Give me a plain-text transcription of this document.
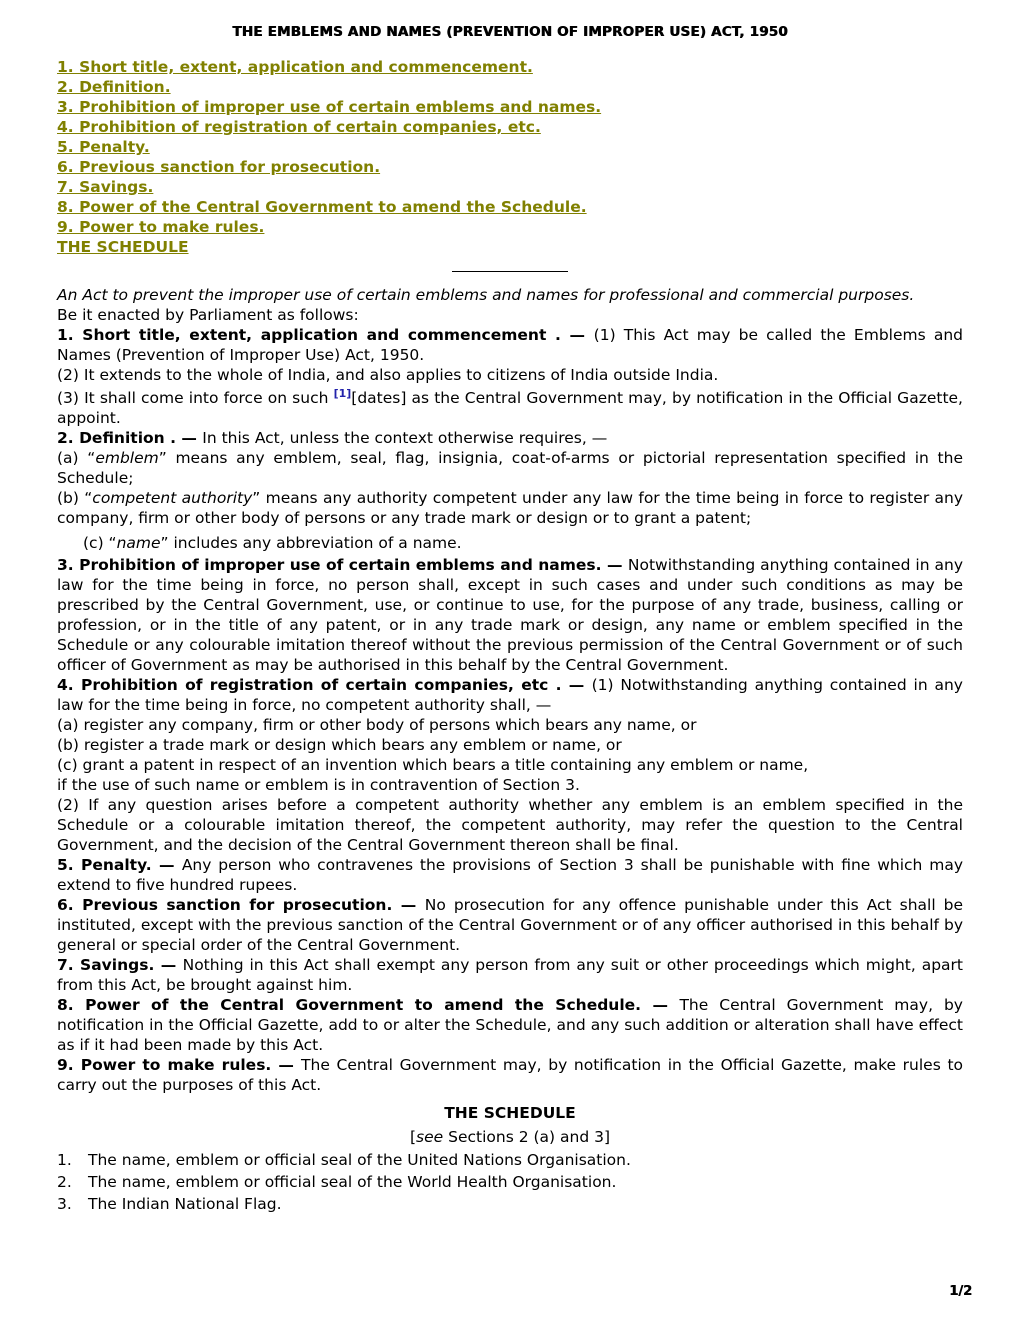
THE EMBLEMS AND NAMES (PREVENTION OF IMPROPER USE) ACT, 1950
1. Short title, extent, application and commencement.
2. Definition.
3. Prohibition of improper use of certain emblems and names.
4. Prohibition of registration of certain companies, etc.
5. Penalty.
6. Previous sanction for prosecution.
7. Savings.
8. Power of the Central Government to amend the Schedule.
9. Power to make rules.
THE SCHEDULE

An Act to prevent the improper use of certain emblems and names for professional and commercial purposes.

Be it enacted by Parliament as follows:

1. Short title, extent, application and commencement . — (1) This Act may be called the Emblems and Names (Prevention of Improper Use) Act, 1950.

(2) It extends to the whole of India, and also applies to citizens of India outside India.

(3) It shall come into force on such [1][dates] as the Central Government may, by notification in the Official Gazette, appoint.

2. Definition . — In this Act, unless the context otherwise requires, —

(a) “emblem” means any emblem, seal, flag, insignia, coat-of-arms or pictorial representation specified in the Schedule;

(b) “competent authority” means any authority competent under any law for the time being in force to register any company, firm or other body of persons or any trade mark or design or to grant a patent;

(c) “name” includes any abbreviation of a name.

3. Prohibition of improper use of certain emblems and names. — Notwithstanding anything contained in any law for the time being in force, no person shall, except in such cases and under such conditions as may be prescribed by the Central Government, use, or continue to use, for the purpose of any trade, business, calling or profession, or in the title of any patent, or in any trade mark or design, any name or emblem specified in the Schedule or any colourable imitation thereof without the previous permission of the Central Government or of such officer of Government as may be authorised in this behalf by the Central Government.

4. Prohibition of registration of certain companies, etc . — (1) Notwithstanding anything contained in any law for the time being in force, no competent authority shall, —

(a) register any company, firm or other body of persons which bears any name, or

(b) register a trade mark or design which bears any emblem or name, or

(c) grant a patent in respect of an invention which bears a title containing any emblem or name,

if the use of such name or emblem is in contravention of Section 3.

(2) If any question arises before a competent authority whether any emblem is an emblem specified in the Schedule or a colourable imitation thereof, the competent authority, may refer the question to the Central Government, and the decision of the Central Government thereon shall be final.

5. Penalty. — Any person who contravenes the provisions of Section 3 shall be punishable with fine which may extend to five hundred rupees.

6. Previous sanction for prosecution. — No prosecution for any offence punishable under this Act shall be instituted, except with the previous sanction of the Central Government or of any officer authorised in this behalf by general or special order of the Central Government.

7. Savings. — Nothing in this Act shall exempt any person from any suit or other proceedings which might, apart from this Act, be brought against him.

8. Power of the Central Government to amend the Schedule. — The Central Government may, by notification in the Official Gazette, add to or alter the Schedule, and any such addition or alteration shall have effect as if it had been made by this Act.

9. Power to make rules. — The Central Government may, by notification in the Official Gazette, make rules to carry out the purposes of this Act.

THE SCHEDULE

[see Sections 2 (a) and 3]

1. The name, emblem or official seal of the United Nations Organisation.
2. The name, emblem or official seal of the World Health Organisation.
3. The Indian National Flag.
1/2
